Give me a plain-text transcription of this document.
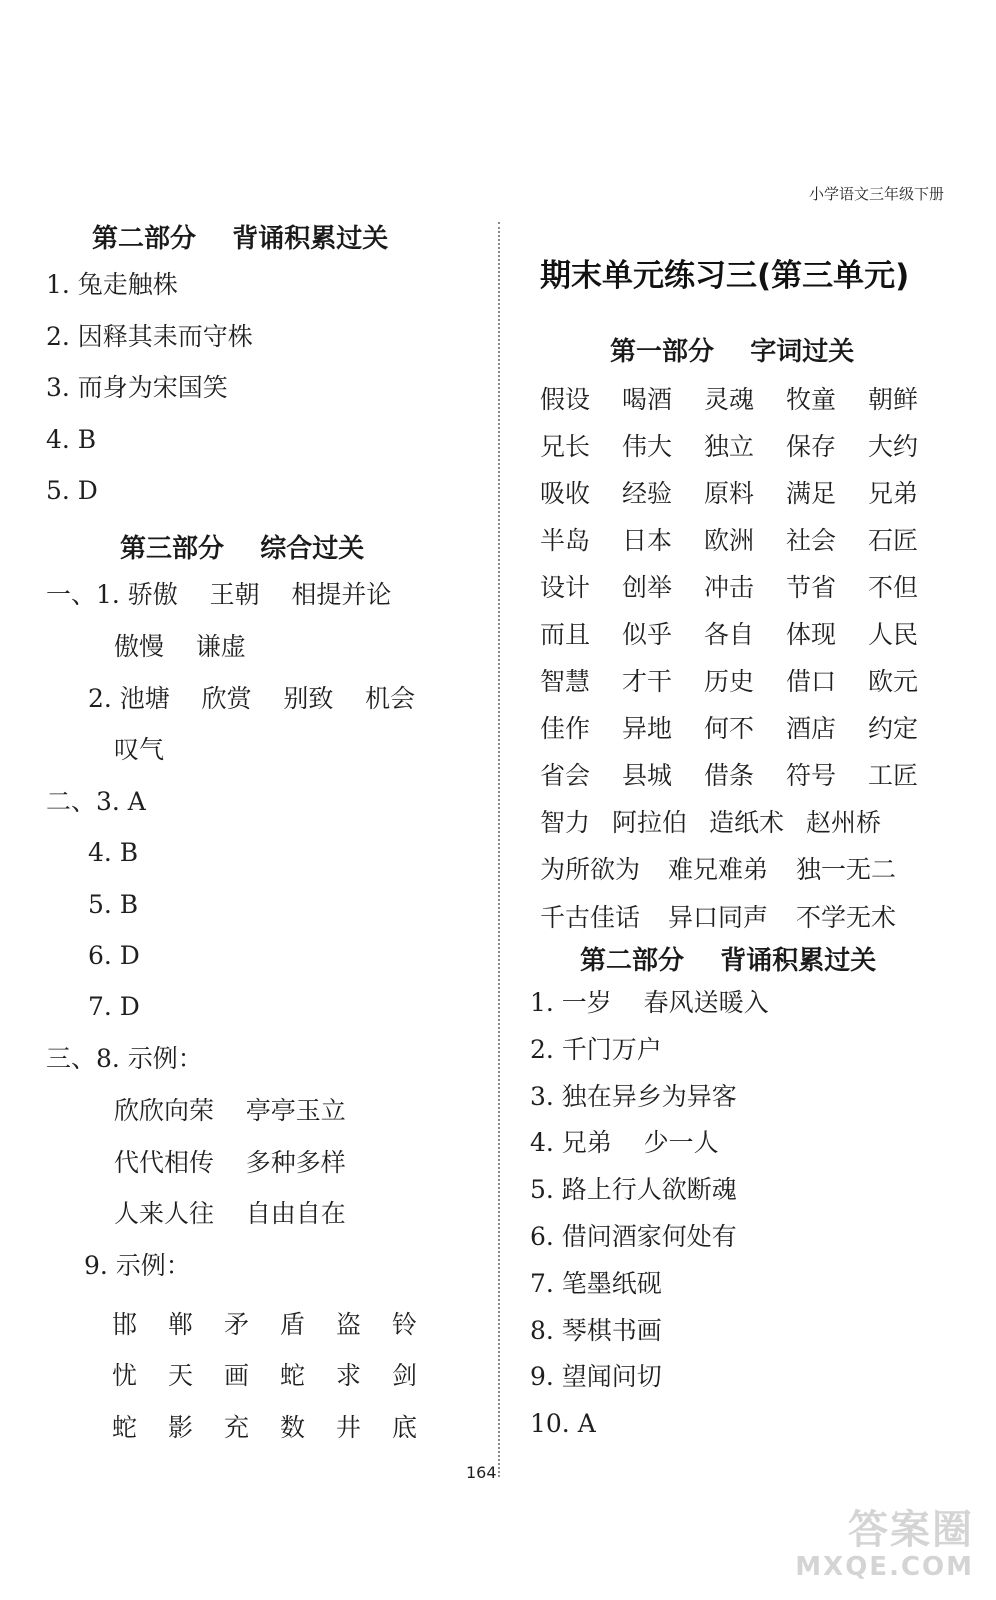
小学语文三年级下册
第二部分    背诵积累过关
1. 兔走触株
2. 因释其耒而守株
3. 而身为宋国笑
4. B
5. D
第三部分    综合过关
一、1. 骄傲    王朝    相提并论
傲慢    谦虚
2. 池塘    欣赏    别致    机会
叹气
二、3. A
4. B
5. B
6. D
7. D
三、8. 示例：
欣欣向荣    亭亭玉立
代代相传    多种多样
人来人往    自由自在
9. 示例：
邯	郸	矛	盾	盗	铃
忧	天	画	蛇	求	剑
蛇	影	充	数	井	底
期末单元练习三(第三单元)
第一部分    字词过关
假设	喝酒	灵魂	牧童	朝鲜
兄长	伟大	独立	保存	大约
吸收	经验	原料	满足	兄弟
半岛	日本	欧洲	社会	石匠
设计	创举	冲击	节省	不但
而且	似乎	各自	体现	人民
智慧	才干	历史	借口	欧元
佳作	异地	何不	酒店	约定
省会	县城	借条	符号	工匠
智力 阿拉伯 造纸术 赵州桥
为所欲为 难兄难弟 独一无二
千古佳话 异口同声 不学无术
第二部分    背诵积累过关
1. 一岁    春风送暖入
2. 千门万户
3. 独在异乡为异客
4. 兄弟    少一人
5. 路上行人欲断魂
6. 借问酒家何处有
7. 笔墨纸砚
8. 琴棋书画
9. 望闻问切
10. A
164
答案圈
MXQE.COM
